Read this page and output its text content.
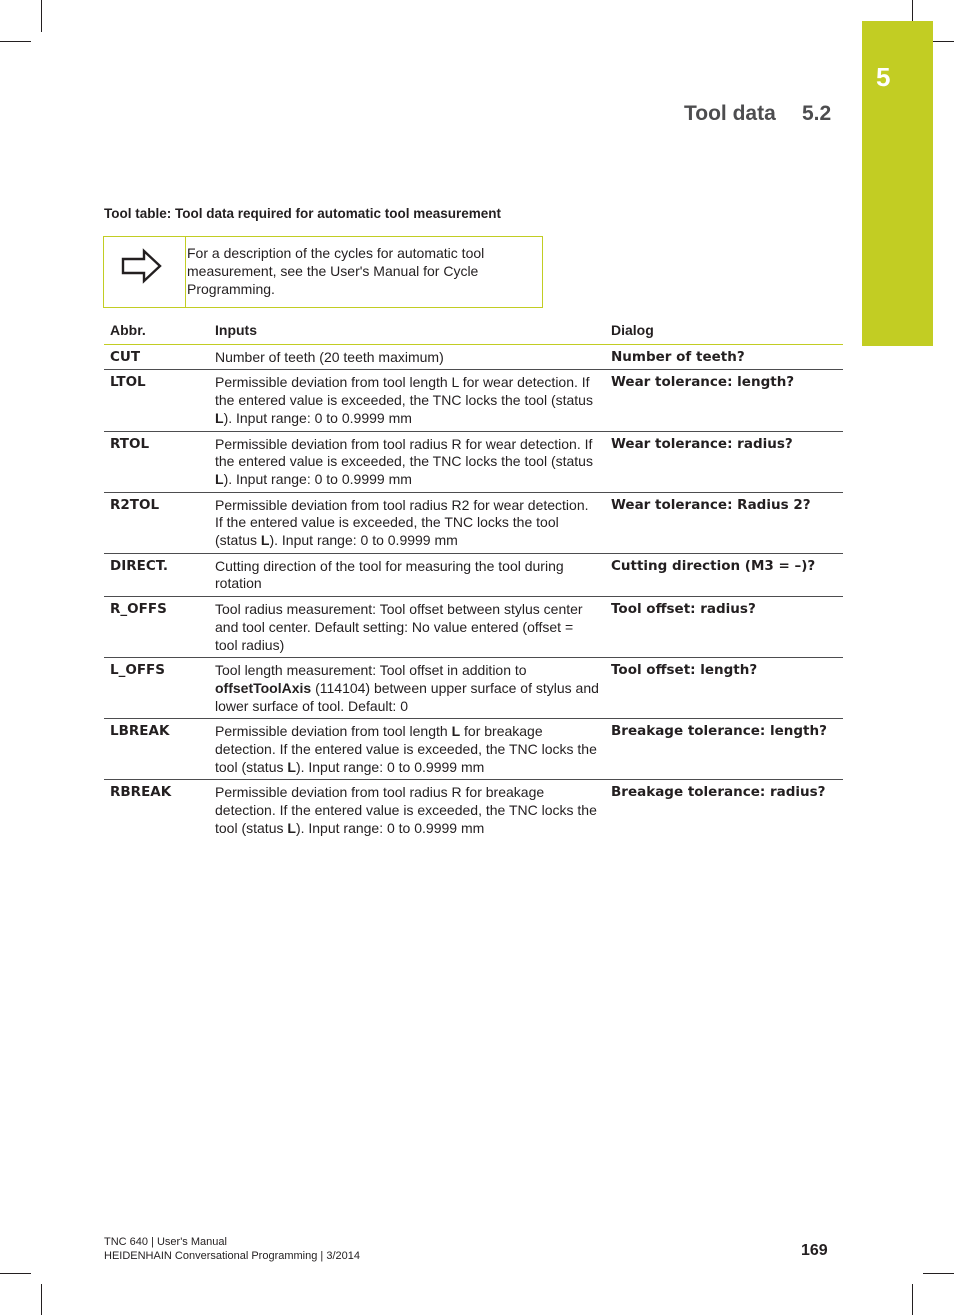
5
Tool data 5.2
Tool table: Tool data required for automatic tool measurement
For a description of the cycles for automatic tool
measurement, see the User's Manual for Cycle
Programming.
Abbr.	Inputs	Dialog
CUT	Number of teeth (20 teeth maximum)	Number of teeth?
LTOL	Permissible deviation from tool length L for wear detection. If the entered value is exceeded, the TNC locks the tool (status L). Input range: 0 to 0.9999 mm	Wear tolerance: length?
RTOL	Permissible deviation from tool radius R for wear detection. If the entered value is exceeded, the TNC locks the tool (status L). Input range: 0 to 0.9999 mm	Wear tolerance: radius?
R2TOL	Permissible deviation from tool radius R2 for wear detection. If the entered value is exceeded, the TNC locks the tool (status L). Input range: 0 to 0.9999 mm	Wear tolerance: Radius 2?
DIRECT.	Cutting direction of the tool for measuring the tool during rotation	Cutting direction (M3 = –)?
R_OFFS	Tool radius measurement: Tool offset between stylus center and tool center. Default setting: No value entered (offset = tool radius)	Tool offset: radius?
L_OFFS	Tool length measurement: Tool offset in addition to offsetToolAxis (114104) between upper surface of stylus and lower surface of tool. Default: 0	Tool offset: length?
LBREAK	Permissible deviation from tool length L for breakage detection. If the entered value is exceeded, the TNC locks the tool (status L). Input range: 0 to 0.9999 mm	Breakage tolerance: length?
RBREAK	Permissible deviation from tool radius R for breakage detection. If the entered value is exceeded, the TNC locks the tool (status L). Input range: 0 to 0.9999 mm	Breakage tolerance: radius?
TNC 640 | User's Manual
HEIDENHAIN Conversational Programming | 3/2014	169
